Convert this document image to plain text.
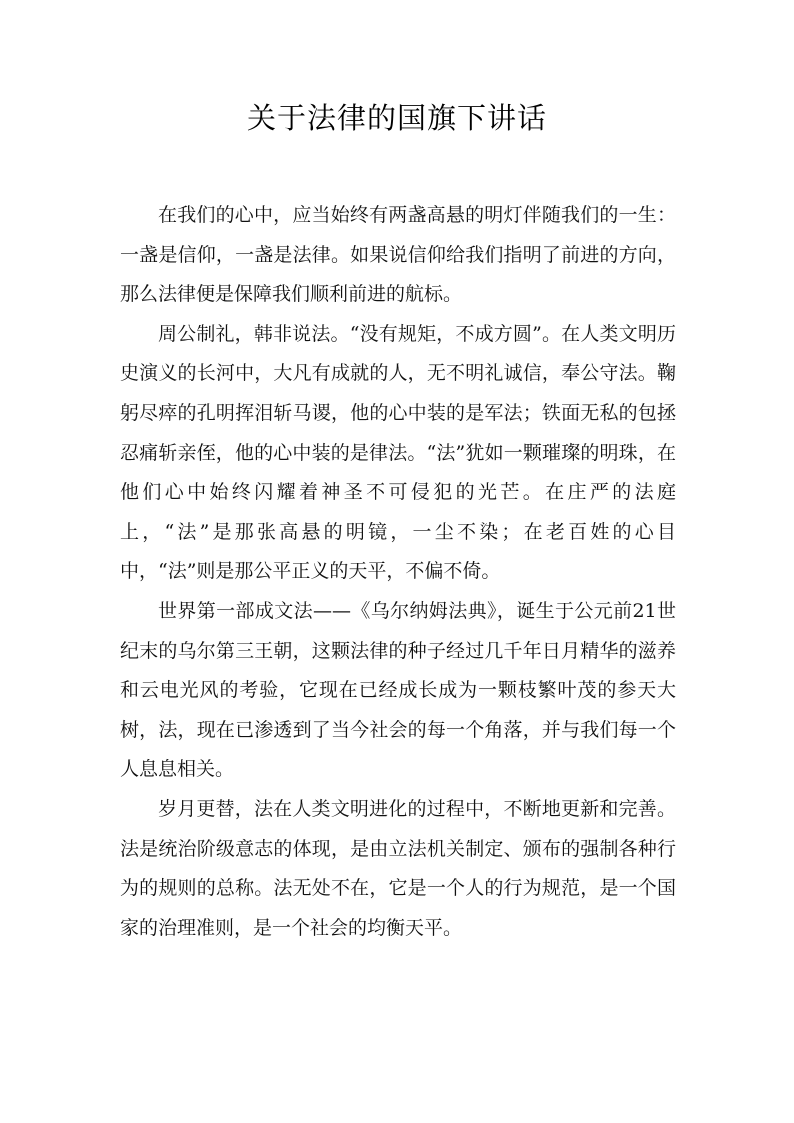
关于法律的国旗下讲话

在我们的心中，应当始终有两盏高悬的明灯伴随我们的一生：一盏是信仰，一盏是法律。如果说信仰给我们指明了前进的方向，那么法律便是保障我们顺利前进的航标。

周公制礼，韩非说法。“没有规矩，不成方圆”。在人类文明历史演义的长河中，大凡有成就的人，无不明礼诚信，奉公守法。鞠躬尽瘁的孔明挥泪斩马谡，他的心中装的是军法；铁面无私的包拯忍痛斩亲侄，他的心中装的是律法。“法”犹如一颗璀璨的明珠，在他们心中始终闪耀着神圣不可侵犯的光芒。在庄严的法庭上，“法”是那张高悬的明镜，一尘不染；在老百姓的心目中，“法”则是那公平正义的天平，不偏不倚。

世界第一部成文法——《乌尔纳姆法典》，诞生于公元前21世纪末的乌尔第三王朝，这颗法律的种子经过几千年日月精华的滋养和云电光风的考验，它现在已经成长成为一颗枝繁叶茂的参天大树，法，现在已渗透到了当今社会的每一个角落，并与我们每一个人息息相关。

岁月更替，法在人类文明进化的过程中，不断地更新和完善。法是统治阶级意志的体现，是由立法机关制定、颁布的强制各种行为的规则的总称。法无处不在，它是一个人的行为规范，是一个国家的治理准则，是一个社会的均衡天平。
